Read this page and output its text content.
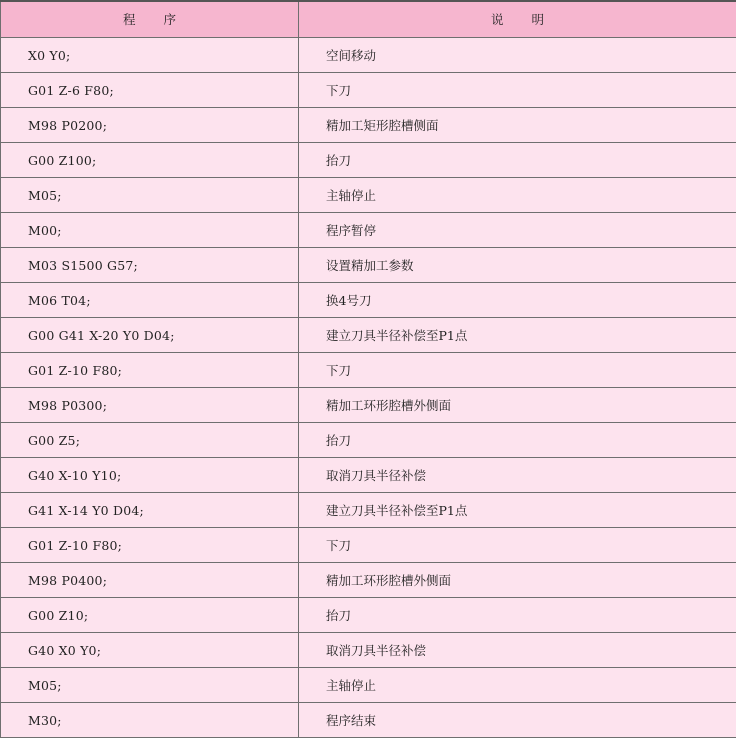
程序	说明
X0 Y0;	空间移动
G01 Z-6 F80;	下刀
M98 P0200;	精加工矩形腔槽侧面
G00 Z100;	抬刀
M05;	主轴停止
M00;	程序暂停
M03 S1500 G57;	设置精加工参数
M06 T04;	换4号刀
G00 G41 X-20 Y0 D04;	建立刀具半径补偿至P1点
G01 Z-10 F80;	下刀
M98 P0300;	精加工环形腔槽外侧面
G00 Z5;	抬刀
G40 X-10 Y10;	取消刀具半径补偿
G41 X-14 Y0 D04;	建立刀具半径补偿至P1点
G01 Z-10 F80;	下刀
M98 P0400;	精加工环形腔槽外侧面
G00 Z10;	抬刀
G40 X0 Y0;	取消刀具半径补偿
M05;	主轴停止
M30;	程序结束
